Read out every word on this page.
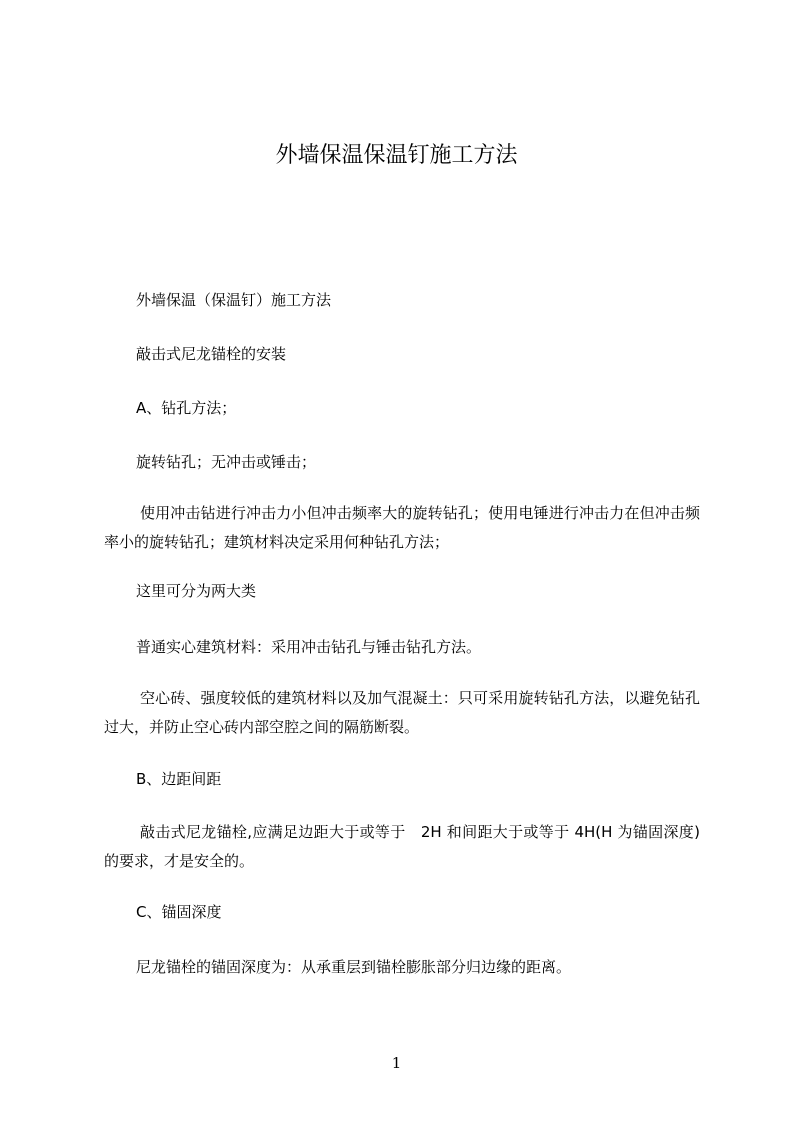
外墙保温保温钉施工方法

外墙保温（保温钉）施工方法

敲击式尼龙锚栓的安装

A、钻孔方法；

旋转钻孔；无冲击或锤击；

使用冲击钻进行冲击力小但冲击频率大的旋转钻孔；使用电锤进行冲击力在但冲击频率小的旋转钻孔；建筑材料决定采用何种钻孔方法；

这里可分为两大类

普通实心建筑材料：采用冲击钻孔与锤击钻孔方法。

空心砖、强度较低的建筑材料以及加气混凝土：只可采用旋转钻孔方法，以避免钻孔过大，并防止空心砖内部空腔之间的隔筋断裂。

B、边距间距

敲击式尼龙锚栓,应满足边距大于或等于　2H 和间距大于或等于 4H(H 为锚固深度)的要求，才是安全的。

C、锚固深度

尼龙锚栓的锚固深度为：从承重层到锚栓膨胀部分归边缘的距离。

1
